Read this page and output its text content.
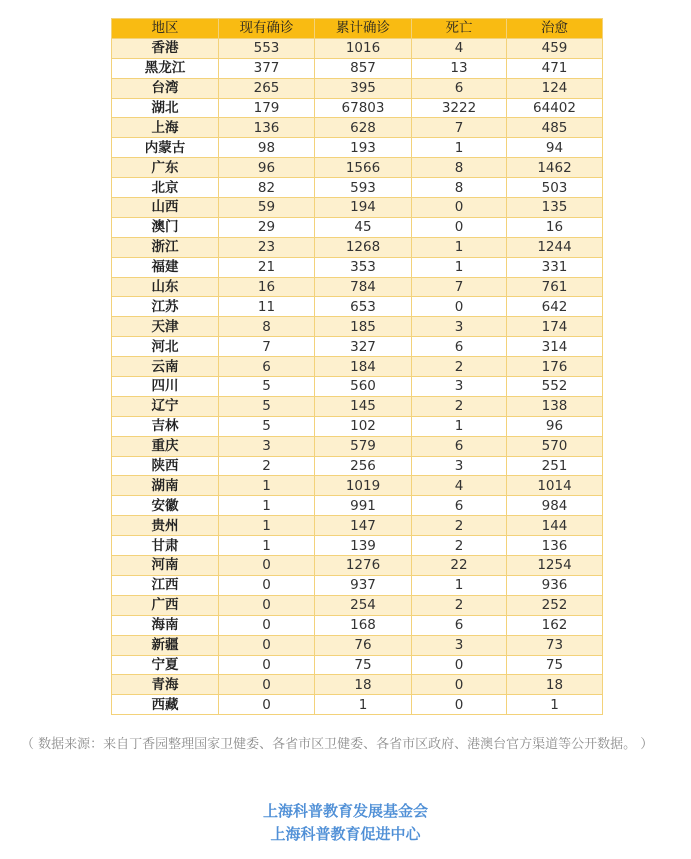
地区	现有确诊	累计确诊	死亡	治愈
香港	553	1016	4	459
黑龙江	377	857	13	471
台湾	265	395	6	124
湖北	179	67803	3222	64402
上海	136	628	7	485
内蒙古	98	193	1	94
广东	96	1566	8	1462
北京	82	593	8	503
山西	59	194	0	135
澳门	29	45	0	16
浙江	23	1268	1	1244
福建	21	353	1	331
山东	16	784	7	761
江苏	11	653	0	642
天津	8	185	3	174
河北	7	327	6	314
云南	6	184	2	176
四川	5	560	3	552
辽宁	5	145	2	138
吉林	5	102	1	96
重庆	3	579	6	570
陕西	2	256	3	251
湖南	1	1019	4	1014
安徽	1	991	6	984
贵州	1	147	2	144
甘肃	1	139	2	136
河南	0	1276	22	1254
江西	0	937	1	936
广西	0	254	2	252
海南	0	168	6	162
新疆	0	76	3	73
宁夏	0	75	0	75
青海	0	18	0	18
西藏	0	1	0	1

（ 数据来源：来自丁香园整理国家卫健委、各省市区卫健委、各省市区政府、港澳台官方渠道等公开数据。 ）

上海科普教育发展基金会

上海科普教育促进中心
